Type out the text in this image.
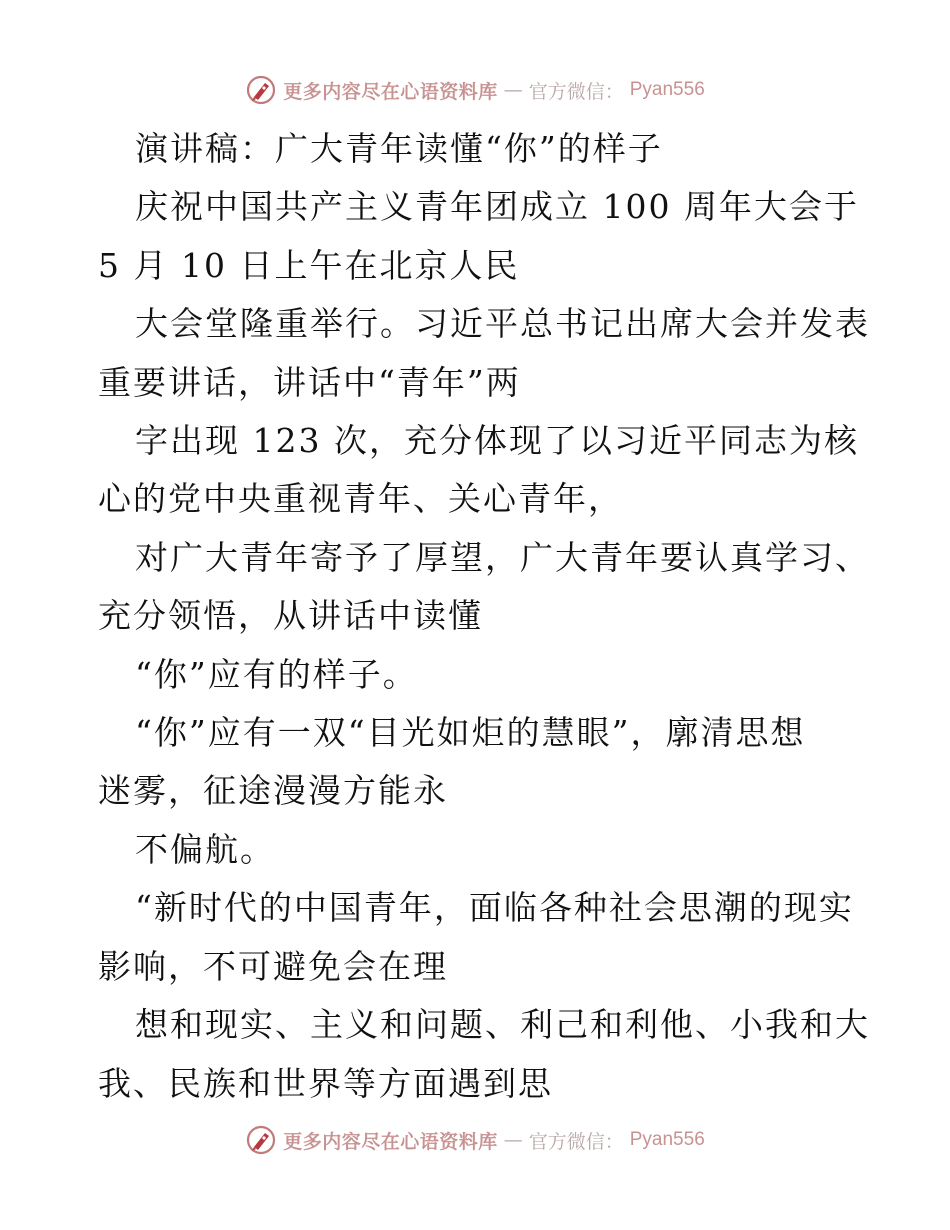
更多内容尽在心语资料库 — 官方微信： Pyan556

演讲稿：广大青年读懂“你”的样子

庆祝中国共产主义青年团成立 100 周年大会于

5 月 10 日上午在北京人民

大会堂隆重举行。习近平总书记出席大会并发表

重要讲话，讲话中“青年”两

字出现 123 次，充分体现了以习近平同志为核

心的党中央重视青年、关心青年，

对广大青年寄予了厚望，广大青年要认真学习、

充分领悟，从讲话中读懂

“你”应有的样子。

“你”应有一双“目光如炬的慧眼”，廓清思想

迷雾，征途漫漫方能永

不偏航。

“新时代的中国青年，面临各种社会思潮的现实

影响，不可避免会在理

想和现实、主义和问题、利己和利他、小我和大

我、民族和世界等方面遇到思

更多内容尽在心语资料库 — 官方微信： Pyan556
